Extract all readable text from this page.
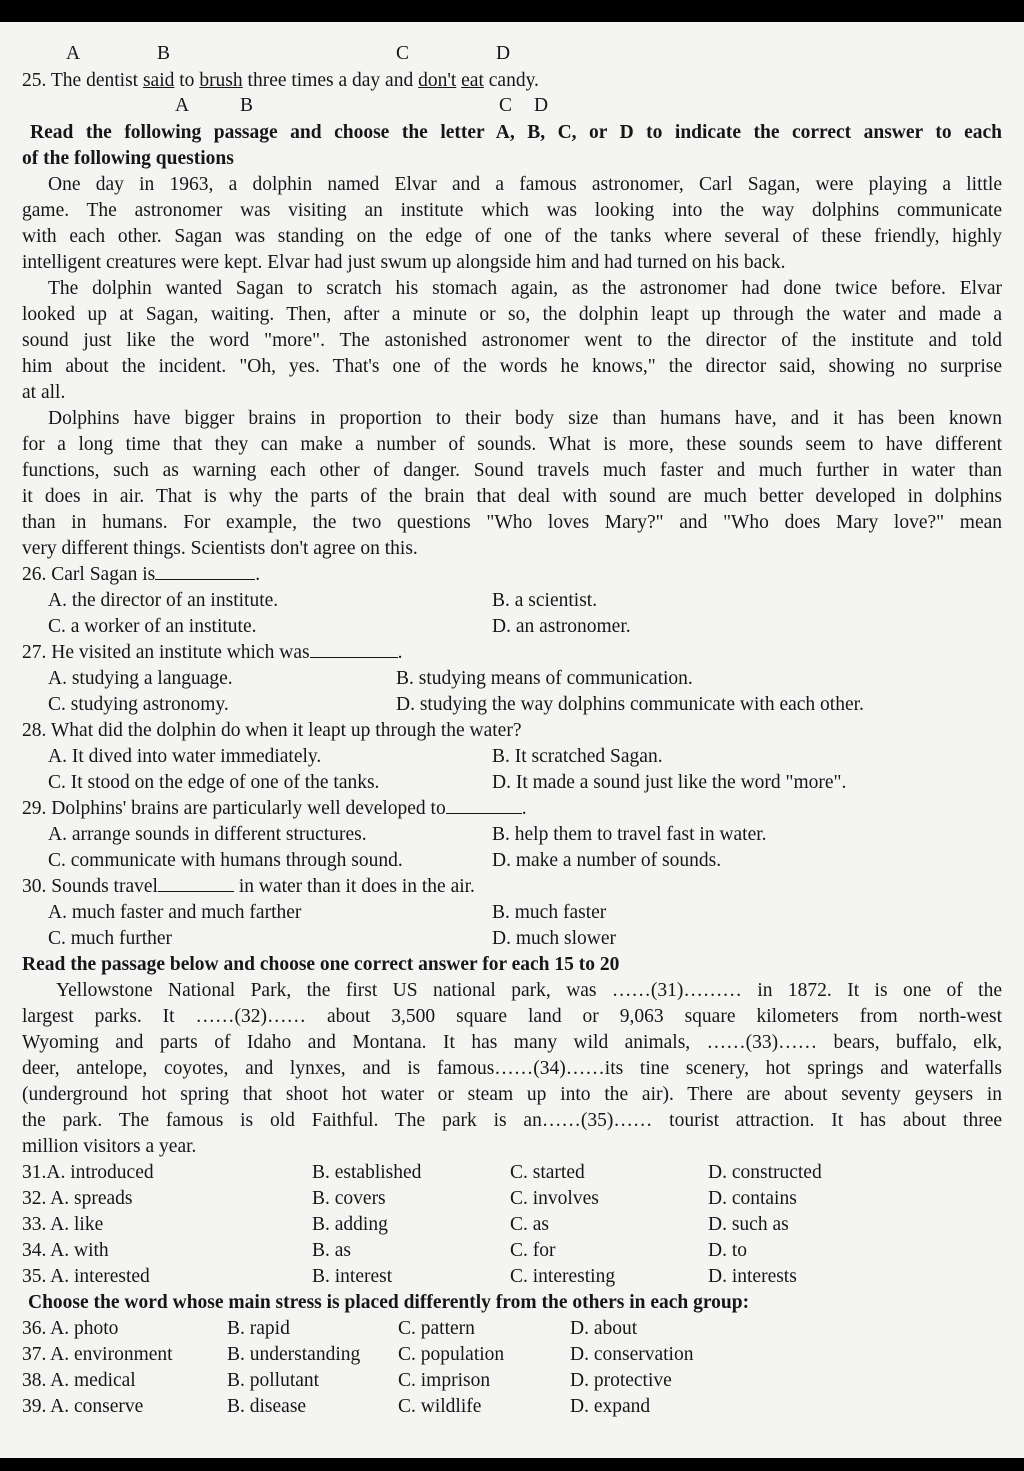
A	B	C	D
25. The dentist said to brush three times a day and don't eat candy.
A	B	C D
Read the following passage and choose the letter A, B, C, or D to indicate the correct answer to each
of the following questions
One day in 1963, a dolphin named Elvar and a famous astronomer, Carl Sagan, were playing a little
game. The astronomer was visiting an institute which was looking into the way dolphins communicate
with each other. Sagan was standing on the edge of one of the tanks where several of these friendly, highly
intelligent creatures were kept. Elvar had just swum up alongside him and had turned on his back.
The dolphin wanted Sagan to scratch his stomach again, as the astronomer had done twice before. Elvar
looked up at Sagan, waiting. Then, after a minute or so, the dolphin leapt up through the water and made a
sound just like the word "more". The astonished astronomer went to the director of the institute and told
him about the incident. "Oh, yes. That's one of the words he knows," the director said, showing no surprise
at all.
Dolphins have bigger brains in proportion to their body size than humans have, and it has been known
for a long time that they can make a number of sounds. What is more, these sounds seem to have different
functions, such as warning each other of danger. Sound travels much faster and much further in water than
it does in air. That is why the parts of the brain that deal with sound are much better developed in dolphins
than in humans. For example, the two questions "Who loves Mary?" and "Who does Mary love?" mean
very different things. Scientists don't agree on this.
26. Carl Sagan is	.
A. the director of an institute.	B. a scientist.
C. a worker of an institute.	D. an astronomer.
27. He visited an institute which was	.
A. studying a language.	B. studying means of communication.
C. studying astronomy.	D. studying the way dolphins communicate with each other.
28. What did the dolphin do when it leapt up through the water?
A. It dived into water immediately.	B. It scratched Sagan.
C. It stood on the edge of one of the tanks.	D. It made a sound just like the word "more".
29. Dolphins' brains are particularly well developed to	.
A. arrange sounds in different structures.	B. help them to travel fast in water.
C. communicate with humans through sound.	D. make a number of sounds.
30. Sounds travel	in water than it does in the air.
A. much faster and much farther	B. much faster
C. much further	D. much slower
Read the passage below and choose one correct answer for each 15 to 20
Yellowstone National Park, the first US national park, was ……(31)……… in 1872. It is one of the
largest parks. It ……(32)…… about 3,500 square land or 9,063 square kilometers from north-west
Wyoming and parts of Idaho and Montana. It has many wild animals, ……(33)…… bears, buffalo, elk,
deer, antelope, coyotes, and lynxes, and is famous……(34)……its tine scenery, hot springs and waterfalls
(underground hot spring that shoot hot water or steam up into the air). There are about seventy geysers in
the park. The famous is old Faithful. The park is an……(35)…… tourist attraction. It has about three
million visitors a year.
31.A. introduced	B. established	C. started	D. constructed
32. A. spreads	B. covers	C. involves	D. contains
33. A. like	B. adding	C. as	D. such as
34. A. with	B. as	C. for	D. to
35. A. interested	B. interest	C. interesting	D. interests
Choose the word whose main stress is placed differently from the others in each group:
36. A. photo	B. rapid	C. pattern	D. about
37. A. environment	B. understanding C. population	D. conservation
38. A. medical	B. pollutant	C. imprison	D. protective
39. A. conserve	B. disease	C. wildlife	D. expand
